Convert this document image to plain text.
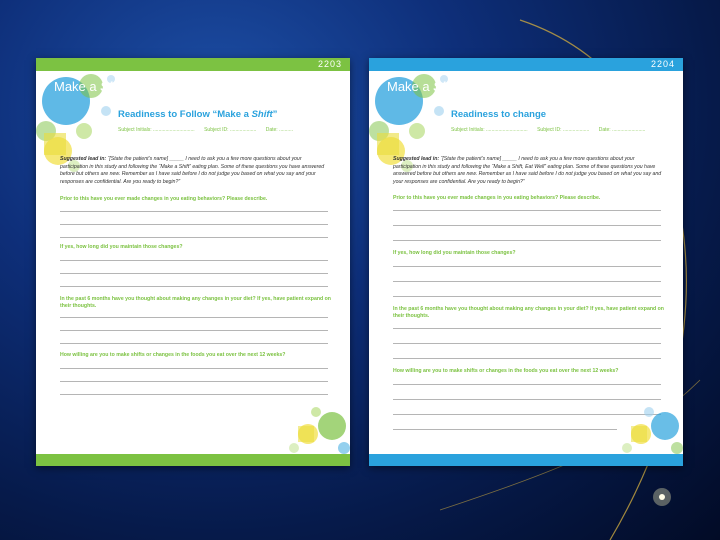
2203
Make a Shift
Readiness to Follow “Make a Shift”
Subject Initials: .............................. Subject ID: ................... Date: ..........
Suggested lead in: “[State the patient’s name] _____ I need to ask you a few more questions about your participation in this study and following the “Make a Shift” eating plan. Some of these questions you have answered before but others are new. Remember as I have said before I do not judge you based on what you say and your responses are confidential. Are you ready to begin?”
Prior to this have you ever made changes in you eating behaviors? Please describe.
If yes, how long did you maintain those changes?
In the past 6 months have you thought about making any changes in your diet? If yes, have patient expand on their thoughts.
How willing are you to make shifts or changes in the foods you eat over the next 12 weeks?
2204
Make a Shift, Eat Well
Readiness to change
Subject Initials: .............................. Subject ID: ................... Date: ........................
Suggested lead in: “[State the patient’s name] _____ I need to ask you a few more questions about your participation in this study and following the “Make a Shift, Eat Well” eating plan. Some of these questions you have answered before but others are new. Remember as I have said before I do not judge you based on what you say and your responses are confidential. Are you ready to begin?”
Prior to this have you ever made changes in you eating behaviors? Please describe.
If yes, how long did you maintain those changes?
In the past 6 months have you thought about making any changes in your diet? If yes, have patient expand on their thoughts.
How willing are you to make shifts or changes in the foods you eat over the next 12 weeks?
